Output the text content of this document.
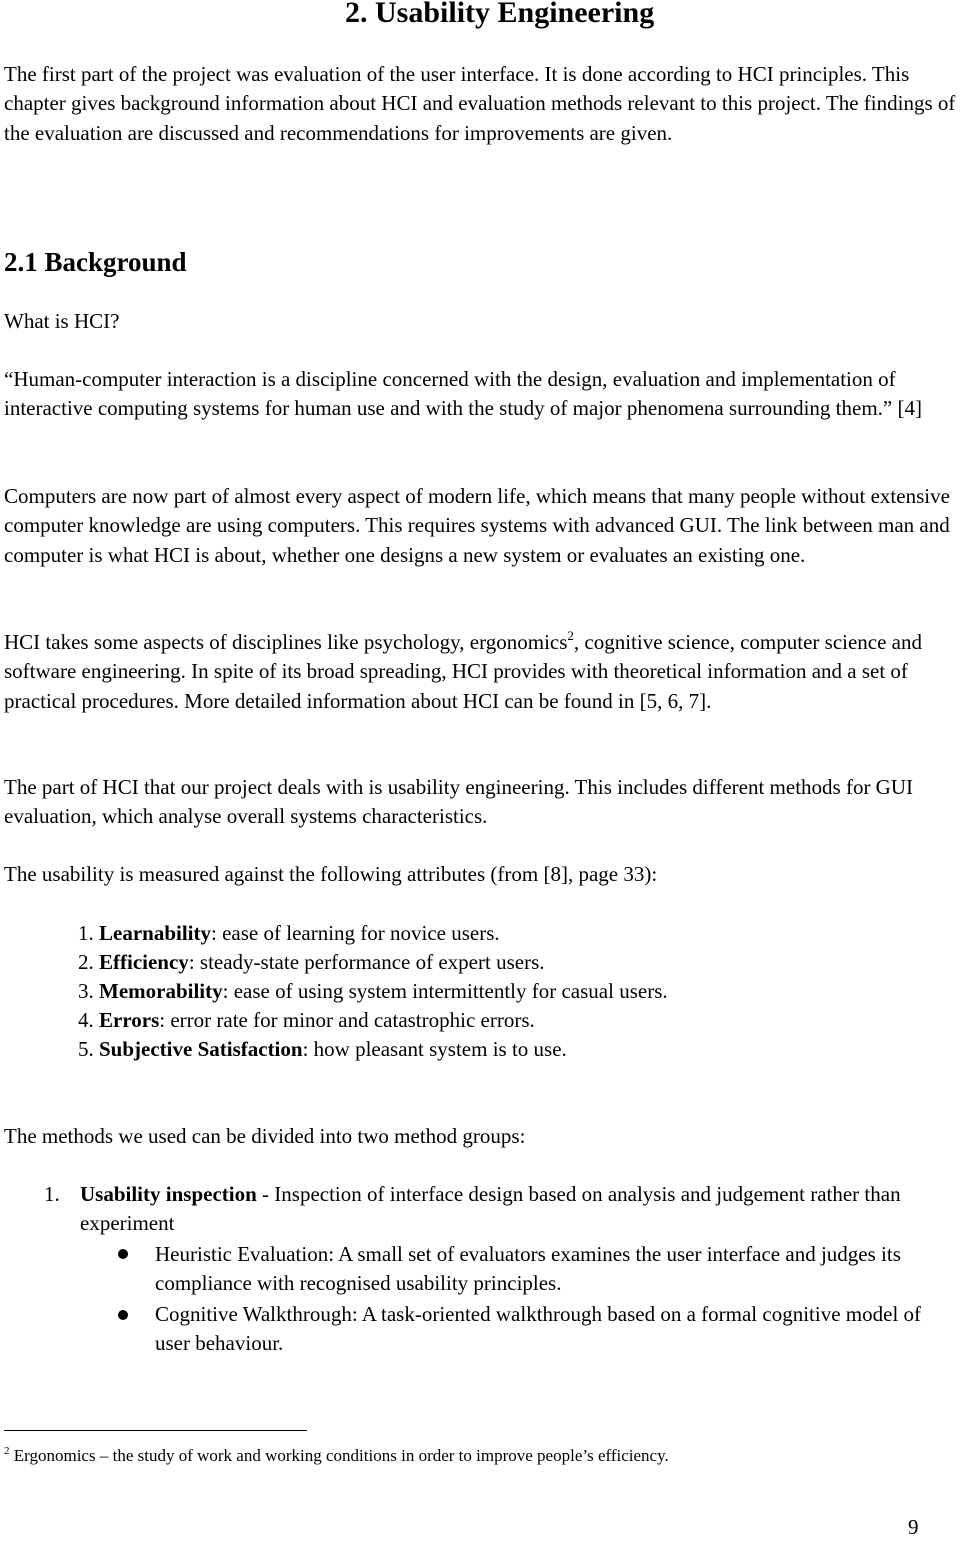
2. Usability Engineering

The first part of the project was evaluation of the user interface. It is done according to HCI principles. This chapter gives background information about HCI and evaluation methods relevant to this project. The findings of the evaluation are discussed and recommendations for improvements are given.

2.1 Background

What is HCI?

“Human-computer interaction is a discipline concerned with the design, evaluation and implementation of interactive computing systems for human use and with the study of major phenomena surrounding them.” [4]

Computers are now part of almost every aspect of modern life, which means that many people without extensive computer knowledge are using computers. This requires systems with advanced GUI. The link between man and computer is what HCI is about, whether one designs a new system or evaluates an existing one.

HCI takes some aspects of disciplines like psychology, ergonomics$^2$, cognitive science, computer science and software engineering. In spite of its broad spreading, HCI provides with theoretical information and a set of practical procedures. More detailed information about HCI can be found in [5, 6, 7].

The part of HCI that our project deals with is usability engineering. This includes different methods for GUI evaluation, which analyse overall systems characteristics.

The usability is measured against the following attributes (from [8], page 33):

1. Learnability: ease of learning for novice users.
2. Efficiency: steady-state performance of expert users.
3. Memorability: ease of using system intermittently for casual users.
4. Errors: error rate for minor and catastrophic errors.
5. Subjective Satisfaction: how pleasant system is to use.

The methods we used can be divided into two method groups:

1. Usability inspection - Inspection of interface design based on analysis and judgement rather than experiment

Heuristic Evaluation: A small set of evaluators examines the user interface and judges its compliance with recognised usability principles.

Cognitive Walkthrough: A task-oriented walkthrough based on a formal cognitive model of user behaviour.

$^2$ Ergonomics – the study of work and working conditions in order to improve people’s efficiency.

9
